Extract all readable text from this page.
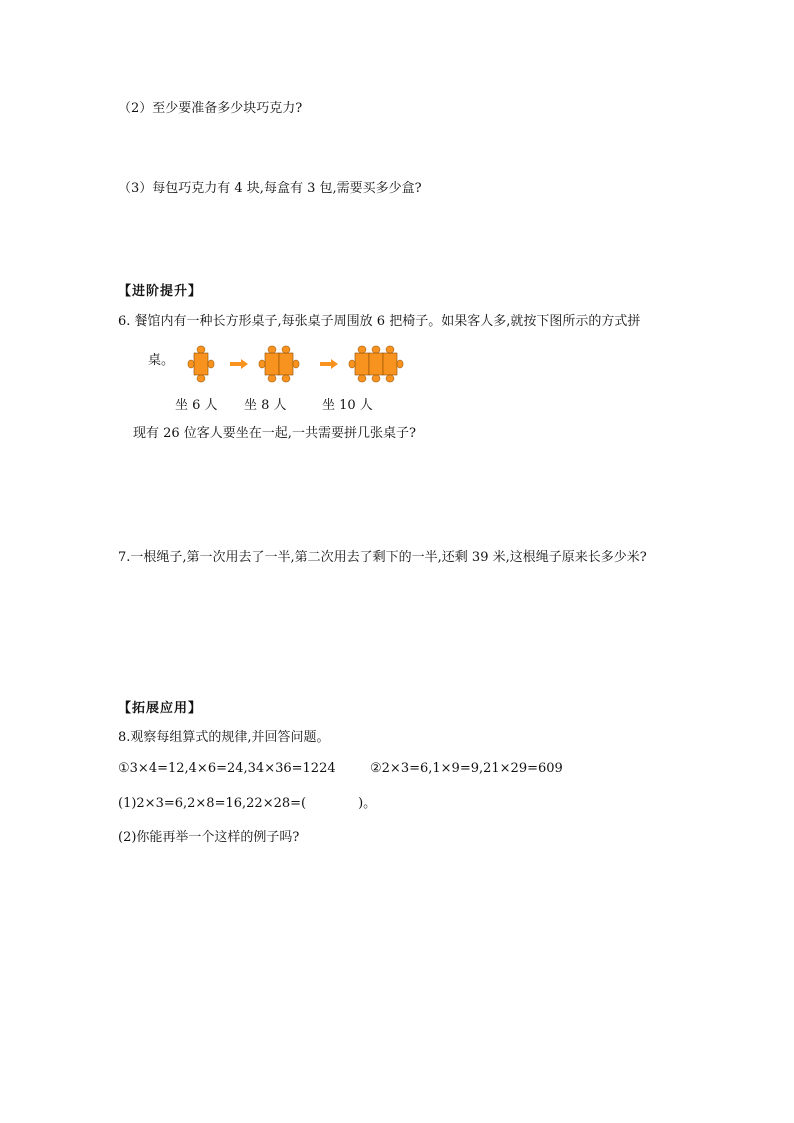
（2）至少要准备多少块巧克力?
（3）每包巧克力有 4 块,每盒有 3 包,需要买多少盒?
【进阶提升】
6. 餐馆内有一种长方形桌子,每张桌子周围放 6 把椅子。如果客人多,就按下图所示的方式拼
桌。
坐 6 人 坐 8 人	坐 10 人
现有 26 位客人要坐在一起,一共需要拼几张桌子?
7.一根绳子,第一次用去了一半,第二次用去了剩下的一半,还剩 39 米,这根绳子原来长多少米?
【拓展应用】
8.观察每组算式的规律,并回答问题。
①3×4=12,4×6=24,34×36=1224	②2×3=6,1×9=9,21×29=609
(1)2×3=6,2×8=16,22×28=(　　　　)。
(2)你能再举一个这样的例子吗?
